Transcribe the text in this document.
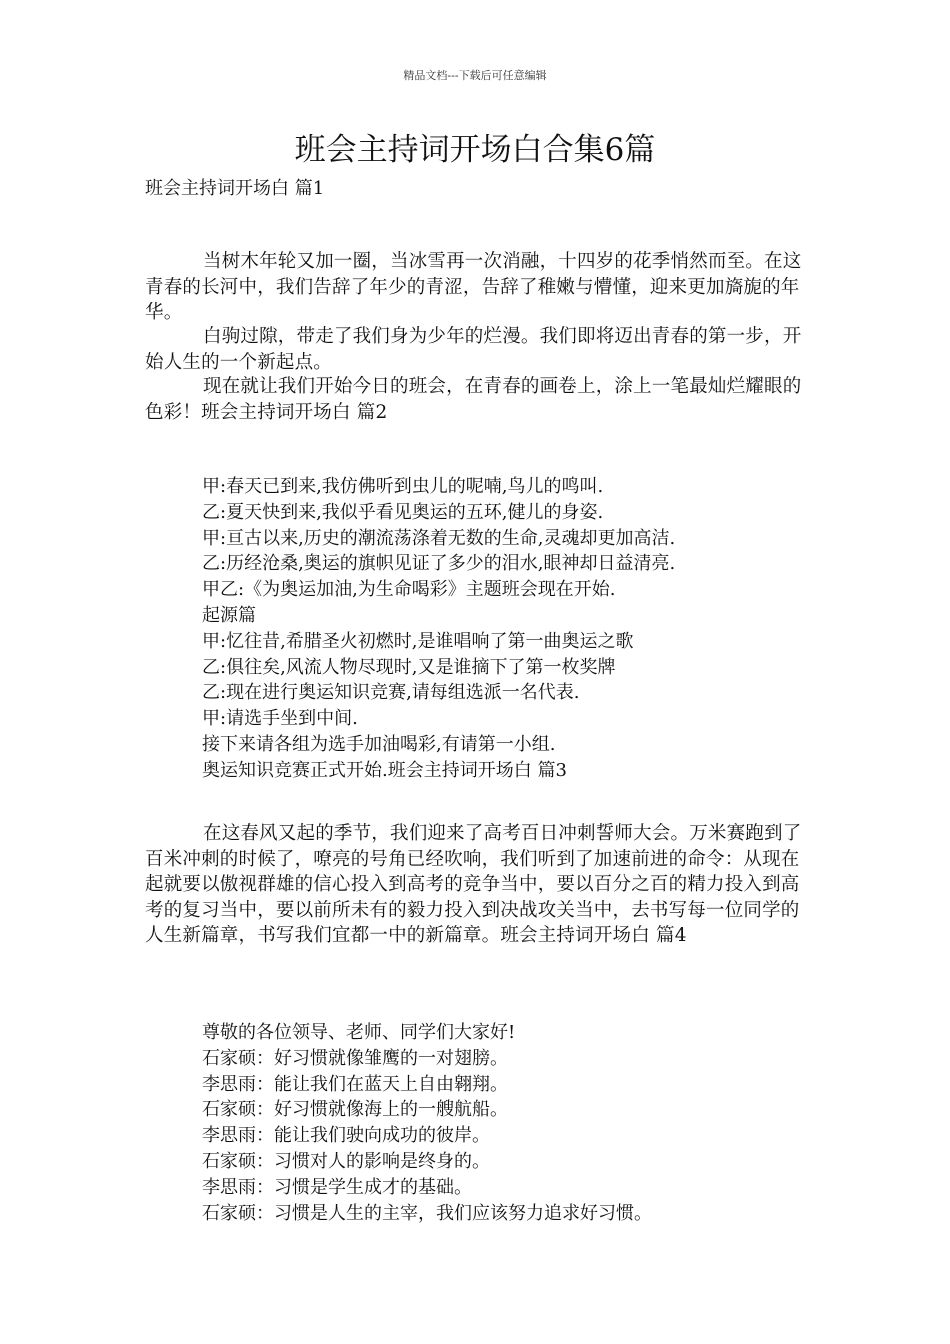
精品文档---下载后可任意编辑
班会主持词开场白合集6篇
班会主持词开场白 篇1

当树木年轮又加一圈，当冰雪再一次消融，十四岁的花季悄然而至。在这青春的长河中，我们告辞了年少的青涩，告辞了稚嫩与懵懂，迎来更加旖旎的年华。

白驹过隙，带走了我们身为少年的烂漫。我们即将迈出青春的第一步，开始人生的一个新起点。

现在就让我们开始今日的班会，在青春的画卷上，涂上一笔最灿烂耀眼的色彩！班会主持词开场白 篇2

甲:春天已到来,我仿佛听到虫儿的呢喃,鸟儿的鸣叫.
乙:夏天快到来,我似乎看见奥运的五环,健儿的身姿.
甲:亘古以来,历史的潮流荡涤着无数的生命,灵魂却更加高洁.
乙:历经沧桑,奥运的旗帜见证了多少的泪水,眼神却日益清亮.
甲乙:《为奥运加油,为生命喝彩》主题班会现在开始.
起源篇
甲:忆往昔,希腊圣火初燃时,是谁唱响了第一曲奥运之歌
乙:俱往矣,风流人物尽现时,又是谁摘下了第一枚奖牌
乙:现在进行奥运知识竞赛,请每组选派一名代表.
甲:请选手坐到中间.
接下来请各组为选手加油喝彩,有请第一小组.
奥运知识竞赛正式开始.班会主持词开场白 篇3

在这春风又起的季节，我们迎来了高考百日冲刺誓师大会。万米赛跑到了百米冲刺的时候了，嘹亮的号角已经吹响，我们听到了加速前进的命令：从现在起就要以傲视群雄的信心投入到高考的竞争当中，要以百分之百的精力投入到高考的复习当中，要以前所未有的毅力投入到决战攻关当中，去书写每一位同学的人生新篇章，书写我们宜都一中的新篇章。班会主持词开场白 篇4

尊敬的各位领导、老师、同学们大家好!
石家硕：好习惯就像雏鹰的一对翅膀。
李思雨：能让我们在蓝天上自由翱翔。
石家硕：好习惯就像海上的一艘航船。
李思雨：能让我们驶向成功的彼岸。
石家硕：习惯对人的影响是终身的。
李思雨：习惯是学生成才的基础。
石家硕：习惯是人生的主宰，我们应该努力追求好习惯。
